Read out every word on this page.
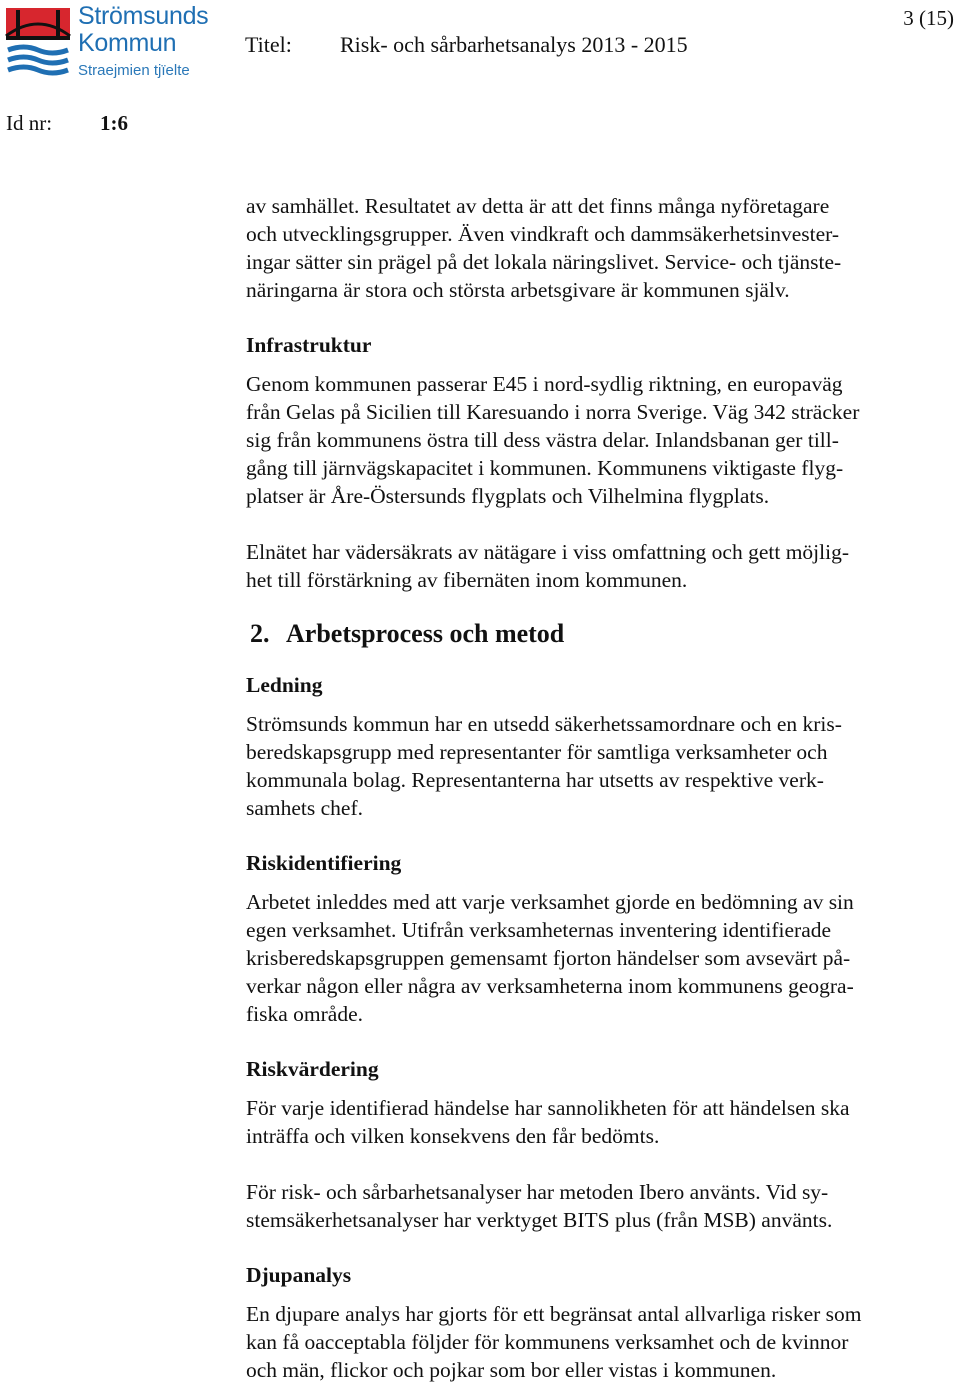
Strömsunds
Kommun
Straejmien tjïelte
Titel: Risk- och sårbarhetsanalys 2013 - 2015
3 (15)
Id nr: 1:6

av samhället. Resultatet av detta är att det finns många nyföretagare
och utvecklingsgrupper. Även vindkraft och dammsäkerhetsinvester-
ingar sätter sin prägel på det lokala näringslivet. Service- och tjänste-
näringarna är stora och största arbetsgivare är kommunen själv.

Infrastruktur

Genom kommunen passerar E45 i nord-sydlig riktning, en europaväg
från Gelas på Sicilien till Karesuando i norra Sverige. Väg 342 sträcker
sig från kommunens östra till dess västra delar. Inlandsbanan ger till-
gång till järnvägskapacitet i kommunen. Kommunens viktigaste flyg-
platser är Åre-Östersunds flygplats och Vilhelmina flygplats.

Elnätet har vädersäkrats av nätägare i viss omfattning och gett möjlig-
het till förstärkning av fibernäten inom kommunen.

2. Arbetsprocess och metod
Ledning

Strömsunds kommun har en utsedd säkerhetssamordnare och en kris-
beredskapsgrupp med representanter för samtliga verksamheter och
kommunala bolag. Representanterna har utsetts av respektive verk-
samhets chef.

Riskidentifiering

Arbetet inleddes med att varje verksamhet gjorde en bedömning av sin
egen verksamhet. Utifrån verksamheternas inventering identifierade
krisberedskapsgruppen gemensamt fjorton händelser som avsevärt på-
verkar någon eller några av verksamheterna inom kommunens geogra-
fiska område.

Riskvärdering

För varje identifierad händelse har sannolikheten för att händelsen ska
inträffa och vilken konsekvens den får bedömts.

För risk- och sårbarhetsanalyser har metoden Ibero använts. Vid sy-
stemsäkerhetsanalyser har verktyget BITS plus (från MSB) använts.

Djupanalys

En djupare analys har gjorts för ett begränsat antal allvarliga risker som
kan få oacceptabla följder för kommunens verksamhet och de kvinnor
och män, flickor och pojkar som bor eller vistas i kommunen.
